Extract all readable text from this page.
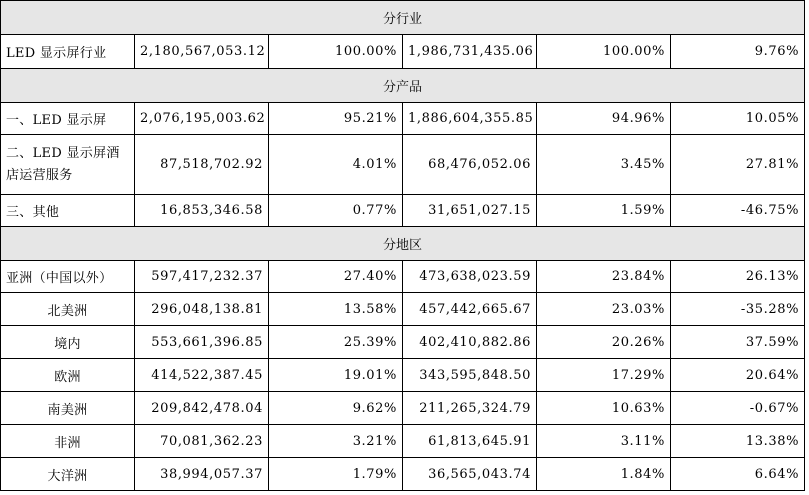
分行业					
LED 显示屏行业	2,180,567,053.12	100.00%	1,986,731,435.06	100.00%	9.76%
分产品					
一、LED 显示屏	2,076,195,003.62	95.21%	1,886,604,355.85	94.96%	10.05%
二、LED 显示屏酒店运营服务	87,518,702.92	4.01%	68,476,052.06	3.45%	27.81%
三、其他	16,853,346.58	0.77%	31,651,027.15	1.59%	-46.75%
分地区					
亚洲（中国以外）	597,417,232.37	27.40%	473,638,023.59	23.84%	26.13%
北美洲	296,048,138.81	13.58%	457,442,665.67	23.03%	-35.28%
境内	553,661,396.85	25.39%	402,410,882.86	20.26%	37.59%
欧洲	414,522,387.45	19.01%	343,595,848.50	17.29%	20.64%
南美洲	209,842,478.04	9.62%	211,265,324.79	10.63%	-0.67%
非洲	70,081,362.23	3.21%	61,813,645.91	3.11%	13.38%
大洋洲	38,994,057.37	1.79%	36,565,043.74	1.84%	6.64%
